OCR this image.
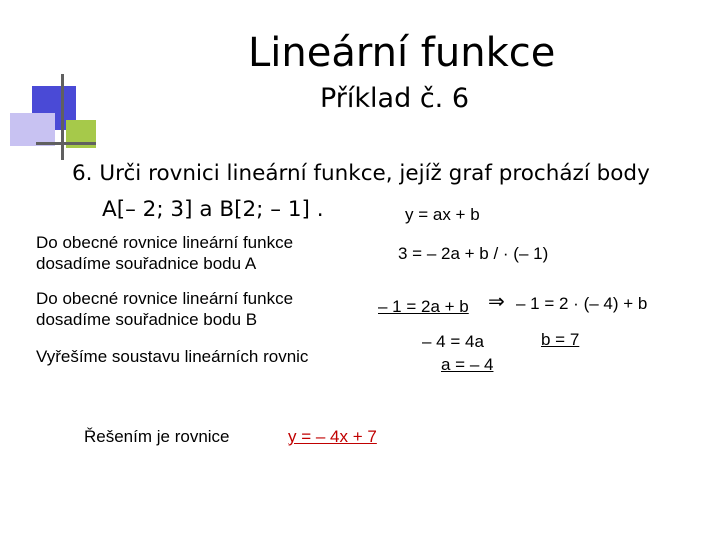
Lineární funkce
Příklad č. 6
6. Urči rovnici lineární funkce, jejíž graf prochází body
A[– 2; 3] a B[2; – 1] .	y = ax + b
Do obecné rovnice lineární funkce
dosadíme souřadnice bodu A
Do obecné rovnice lineární funkce
dosadíme souřadnice bodu B
Vyřešíme soustavu lineárních rovnic
3 = – 2a + b / · (– 1)
– 1 = 2a + b ⇒ – 1 = 2 · (– 4) + b
– 4 = 4a
a = – 4
b = 7
Řešením je rovnice	y = – 4x + 7
